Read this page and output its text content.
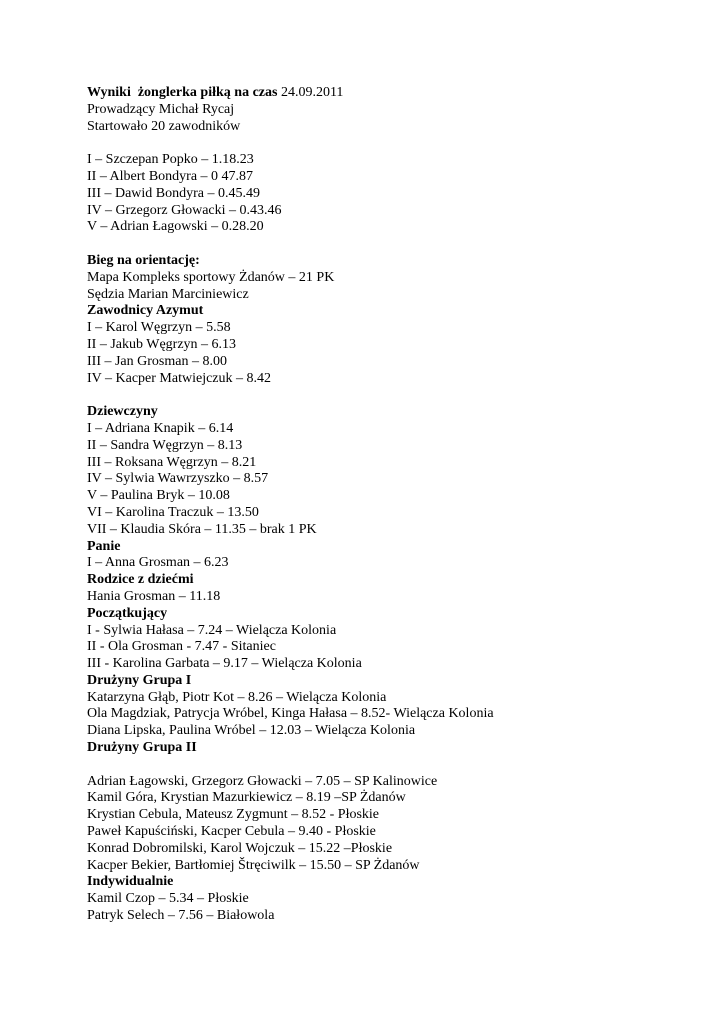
Wyniki  żonglerka piłką na czas 24.09.2011
Prowadzący Michał Rycaj
Startowało 20 zawodników
I – Szczepan Popko – 1.18.23
II – Albert Bondyra – 0 47.87
III – Dawid Bondyra – 0.45.49
IV – Grzegorz Głowacki – 0.43.46
V – Adrian Łagowski – 0.28.20
Bieg na orientację:
Mapa Kompleks sportowy Żdanów – 21 PK
Sędzia Marian Marciniewicz
Zawodnicy Azymut
I – Karol Węgrzyn – 5.58
II – Jakub Węgrzyn – 6.13
III – Jan Grosman – 8.00
IV – Kacper Matwiejczuk – 8.42
Dziewczyny
I – Adriana Knapik – 6.14
II – Sandra Węgrzyn – 8.13
III – Roksana Węgrzyn – 8.21
IV – Sylwia Wawrzyszko – 8.57
V – Paulina Bryk – 10.08
VI – Karolina Traczuk – 13.50
VII – Klaudia Skóra – 11.35 – brak 1 PK
Panie
I – Anna Grosman – 6.23
Rodzice z dziećmi
Hania Grosman – 11.18
Początkujący
I - Sylwia Hałasa – 7.24 – Wielącza Kolonia
II - Ola Grosman - 7.47 - Sitaniec
III - Karolina Garbata – 9.17 – Wielącza Kolonia
Drużyny Grupa I
Katarzyna Głąb, Piotr Kot – 8.26 – Wielącza Kolonia
Ola Magdziak, Patrycja Wróbel, Kinga Hałasa – 8.52- Wielącza Kolonia
Diana Lipska, Paulina Wróbel – 12.03 – Wielącza Kolonia
Drużyny Grupa II
Adrian Łagowski, Grzegorz Głowacki – 7.05 – SP Kalinowice
Kamil Góra, Krystian Mazurkiewicz – 8.19 –SP Żdanów
Krystian Cebula, Mateusz Zygmunt – 8.52 - Płoskie
Paweł Kapuściński, Kacper Cebula – 9.40 - Płoskie
Konrad Dobromilski, Karol Wojczuk – 15.22 –Płoskie
Kacper Bekier, Bartłomiej Štręciwilk – 15.50 – SP Żdanów
Indywidualnie
Kamil Czop – 5.34 – Płoskie
Patryk Selech – 7.56 – Białowola
